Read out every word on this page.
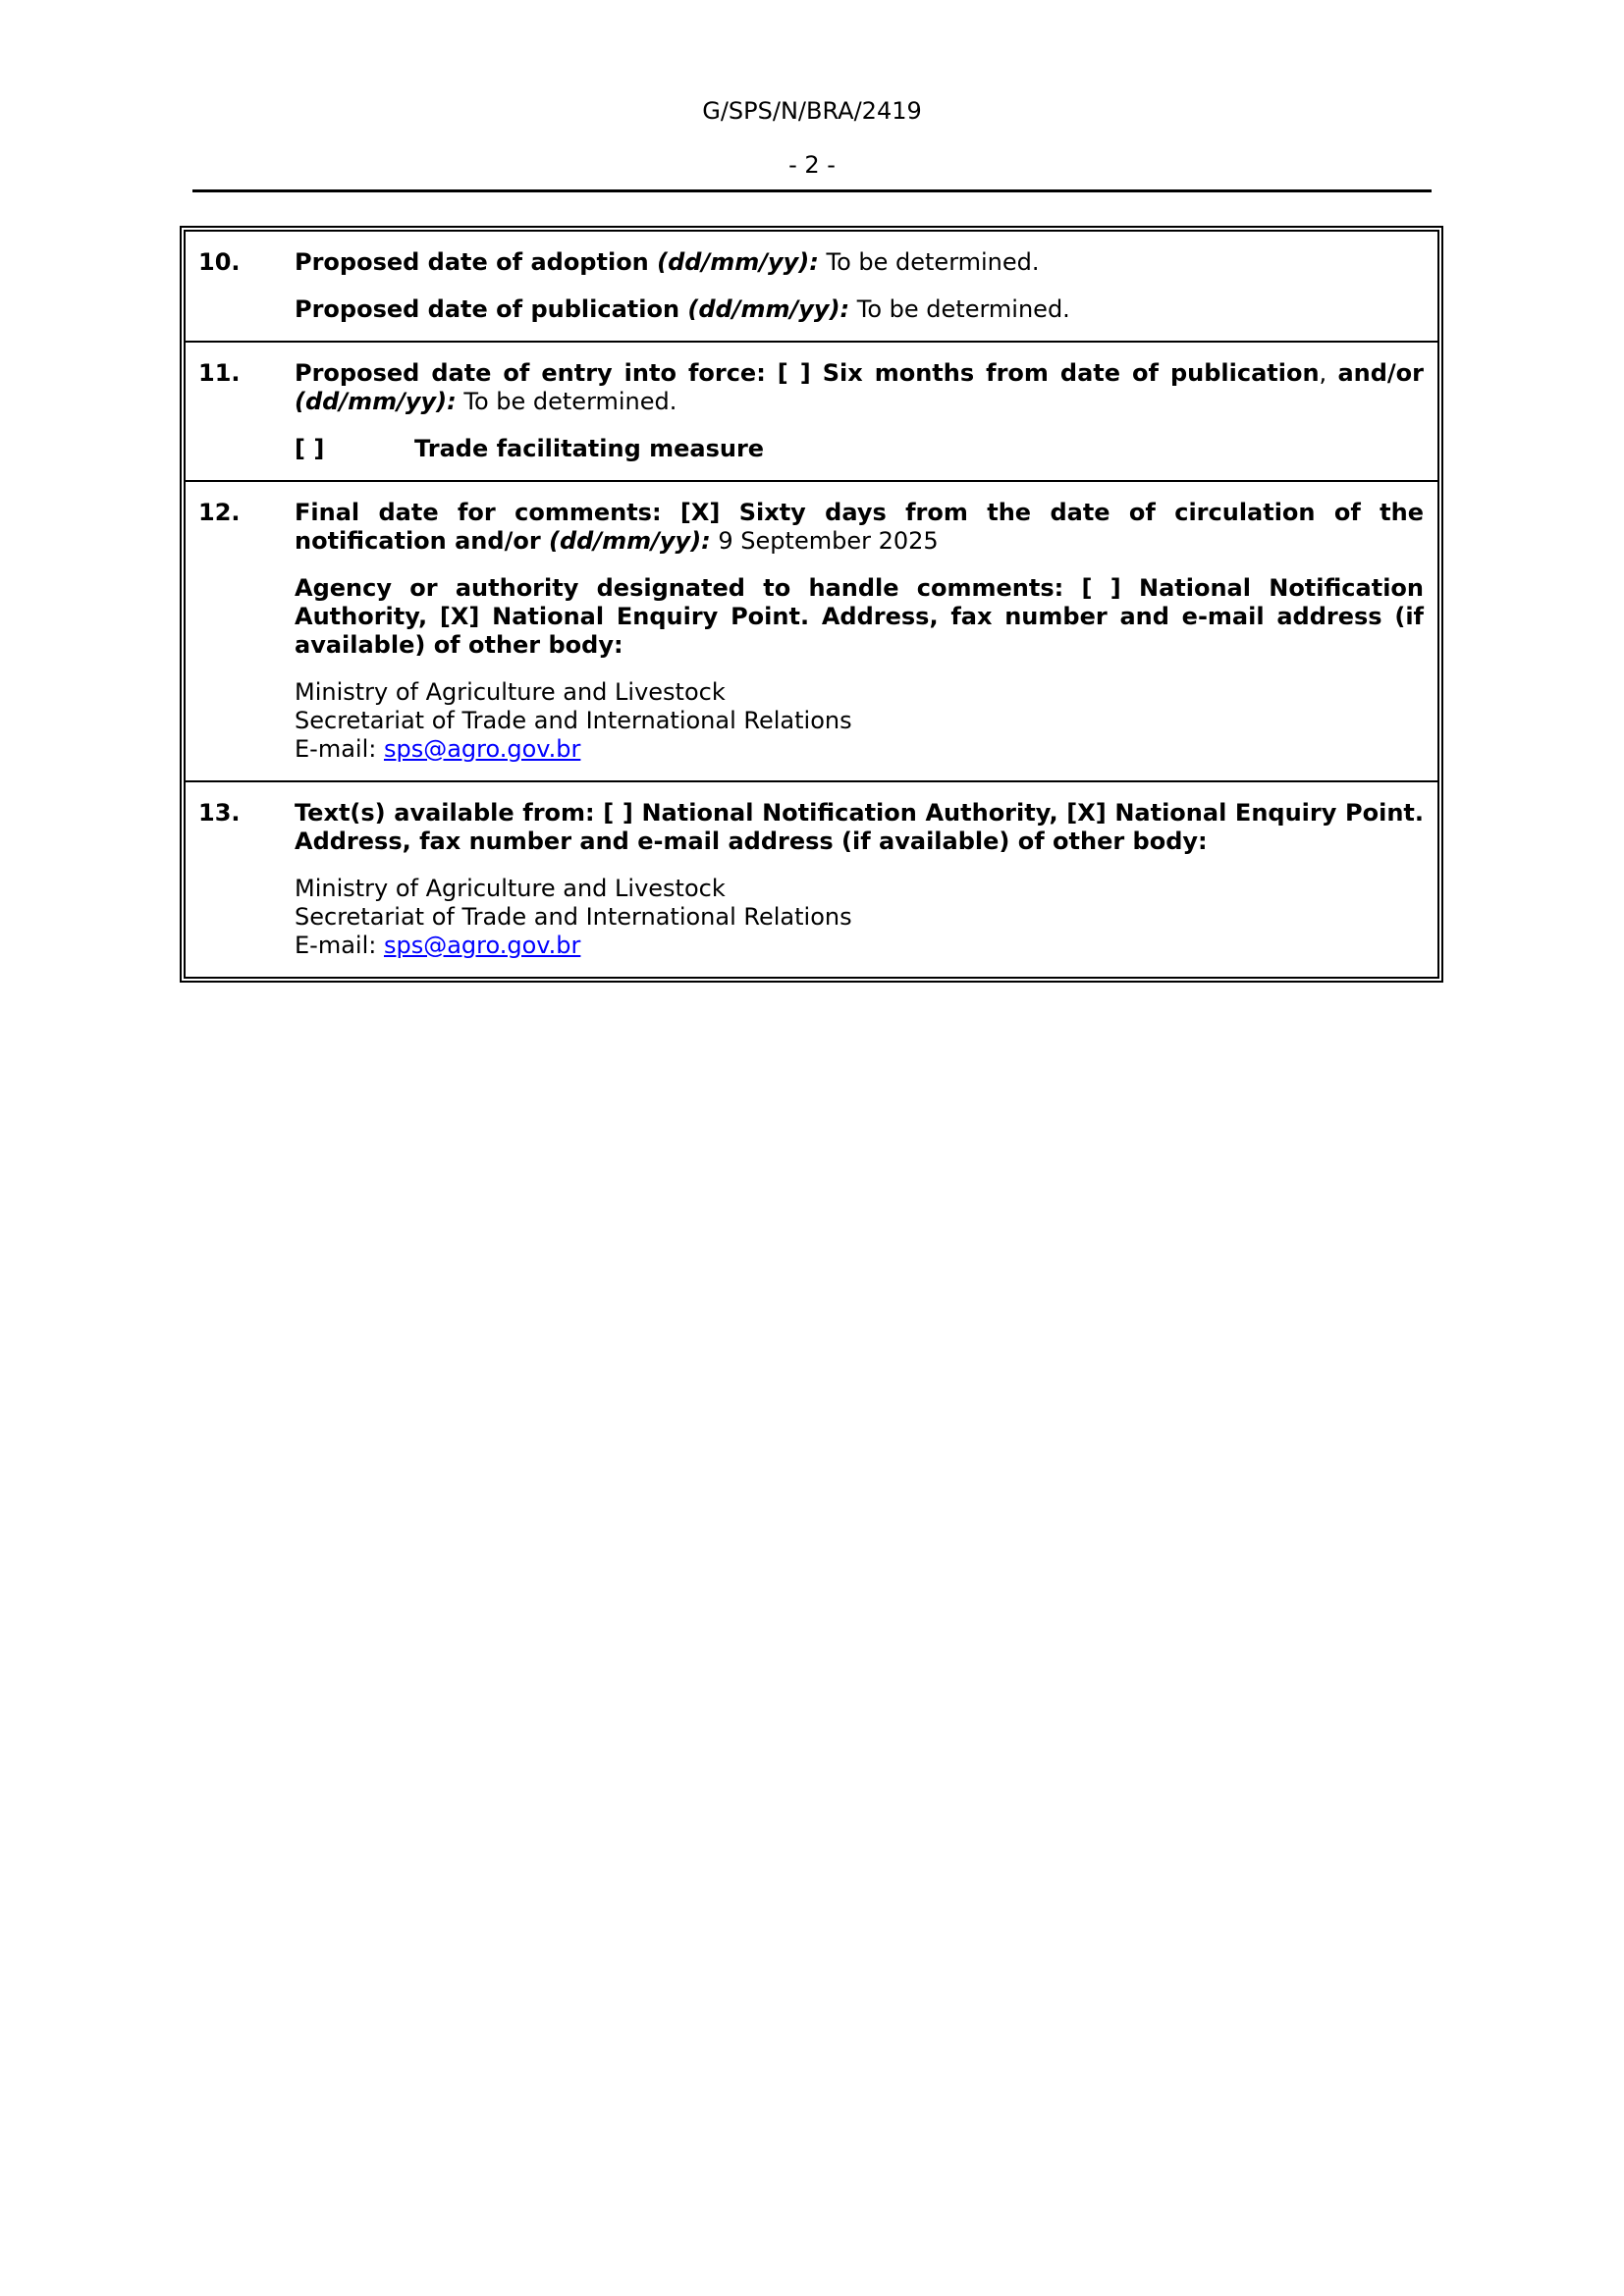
G/SPS/N/BRA/2419
- 2 -
10.	Proposed date of adoption (dd/mm/yy): To be determined.

Proposed date of publication (dd/mm/yy): To be determined.

11.	Proposed date of entry into force: [ ] Six months from date of publication, and/or (dd/mm/yy): To be determined.

[ ]	Trade facilitating measure

12.	Final date for comments: [X] Sixty days from the date of circulation of the notification and/or (dd/mm/yy): 9 September 2025

Agency or authority designated to handle comments: [ ] National Notification Authority, [X] National Enquiry Point. Address, fax number and e-mail address (if available) of other body:

Ministry of Agriculture and Livestock
Secretariat of Trade and International Relations
E-mail: sps@agro.gov.br

13.	Text(s) available from: [ ] National Notification Authority, [X] National Enquiry Point. Address, fax number and e-mail address (if available) of other body:

Ministry of Agriculture and Livestock
Secretariat of Trade and International Relations
E-mail: sps@agro.gov.br
